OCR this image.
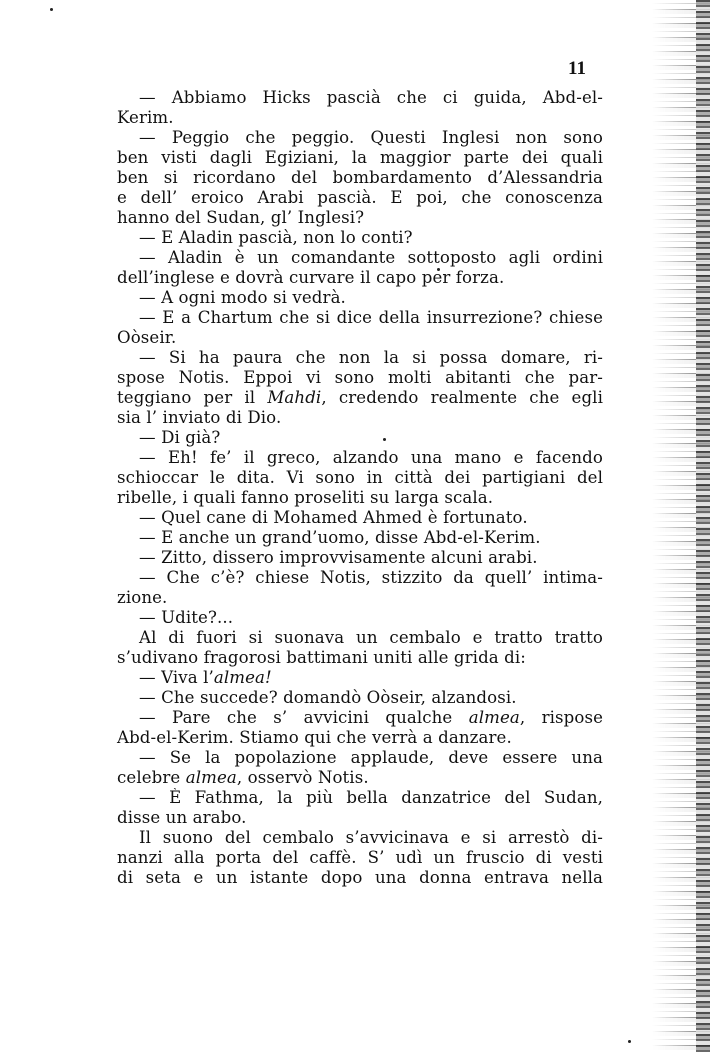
11
— Abbiamo Hicks pascià che ci guida, Abd-el-
Kerim.
— Peggio che peggio. Questi Inglesi non sono
ben visti dagli Egiziani, la maggior parte dei quali
ben si ricordano del bombardamento d’Alessandria
e dell’ eroico Arabi pascià. E poi, che conoscenza
hanno del Sudan, gl’ Inglesi?
— E Aladin pascià, non lo conti?
— Aladin è un comandante sottoposto agli ordini
dell’inglese e dovrà curvare il capo per forza.
— A ogni modo si vedrà.
— E a Chartum che si dice della insurrezione? chiese
Oòseir.
— Si ha paura che non la si possa domare, ri-
spose Notis. Eppoi vi sono molti abitanti che par-
teggiano per il Mahdi, credendo realmente che egli
sia l’ inviato di Dio.
— Di già?
— Eh! fe’ il greco, alzando una mano e facendo
schioccar le dita. Vi sono in città dei partigiani del
ribelle, i quali fanno proseliti su larga scala.
— Quel cane di Mohamed Ahmed è fortunato.
— E anche un grand’uomo, disse Abd-el-Kerim.
— Zitto, dissero improvvisamente alcuni arabi.
— Che c’è? chiese Notis, stizzito da quell’ intima-
zione.
— Udite?...
Al di fuori si suonava un cembalo e tratto tratto
s’udivano fragorosi battimani uniti alle grida di:
— Viva l’almea!
— Che succede? domandò Oòseir, alzandosi.
— Pare che s’ avvicini qualche almea, rispose
Abd-el-Kerim. Stiamo qui che verrà a danzare.
— Se la popolazione applaude, deve essere una
celebre almea, osservò Notis.
— È Fathma, la più bella danzatrice del Sudan,
disse un arabo.
Il suono del cembalo s’avvicinava e si arrestò di-
nanzi alla porta del caffè. S’ udì un fruscio di vesti
di seta e un istante dopo una donna entrava nella
